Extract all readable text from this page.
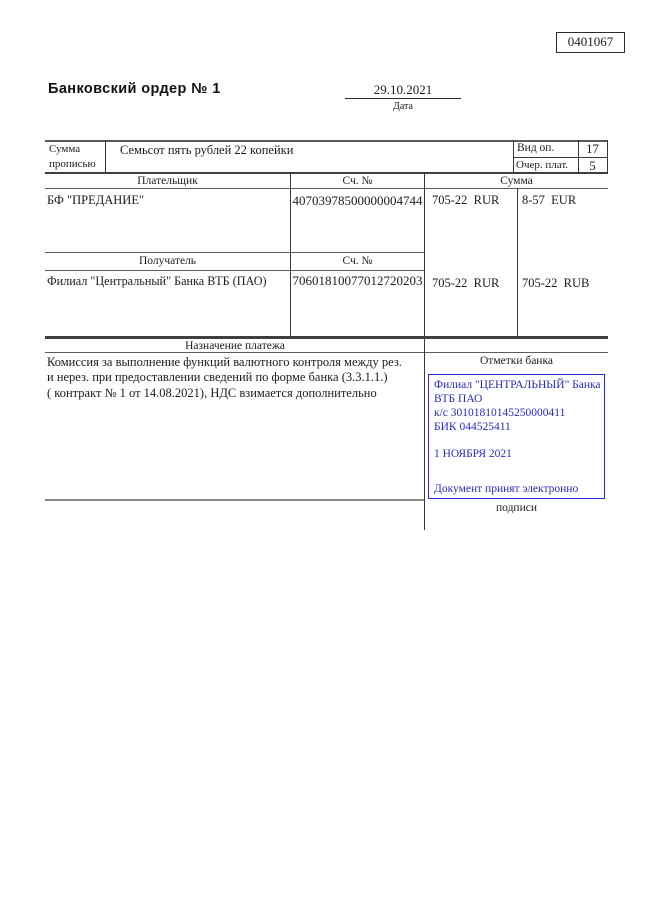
0401067
Банковский ордер № 1	29.10.2021
Дата
Сумма
прописью
Семьсот пять рублей 22 копейки	Вид оп.	17
Очер. плат.	5
Плательщик	Сч. №	Сумма
БФ "ПРЕДАНИЕ"	40703978500000004744 705-22  RUR 8-57  EUR
Получатель	Сч. №
Филиал "Центральный" Банка ВТБ (ПАО) 70601810077012720203 705-22  RUR 705-22  RUB
Назначение платежа
Комиссия за выполнение функций валютного контроля между рез.
и нерез. при предоставлении сведений по форме банка (3.3.1.1.)
( контракт № 1 от 14.08.2021), НДС взимается дополнительно
Отметки банка
Филиал "ЦЕНТРАЛЬНЫЙ" Банка
ВТБ ПАО
к/с 30101810145250000411
БИК 044525411
1 НОЯБРЯ 2021
Документ принят электронно
подписи
